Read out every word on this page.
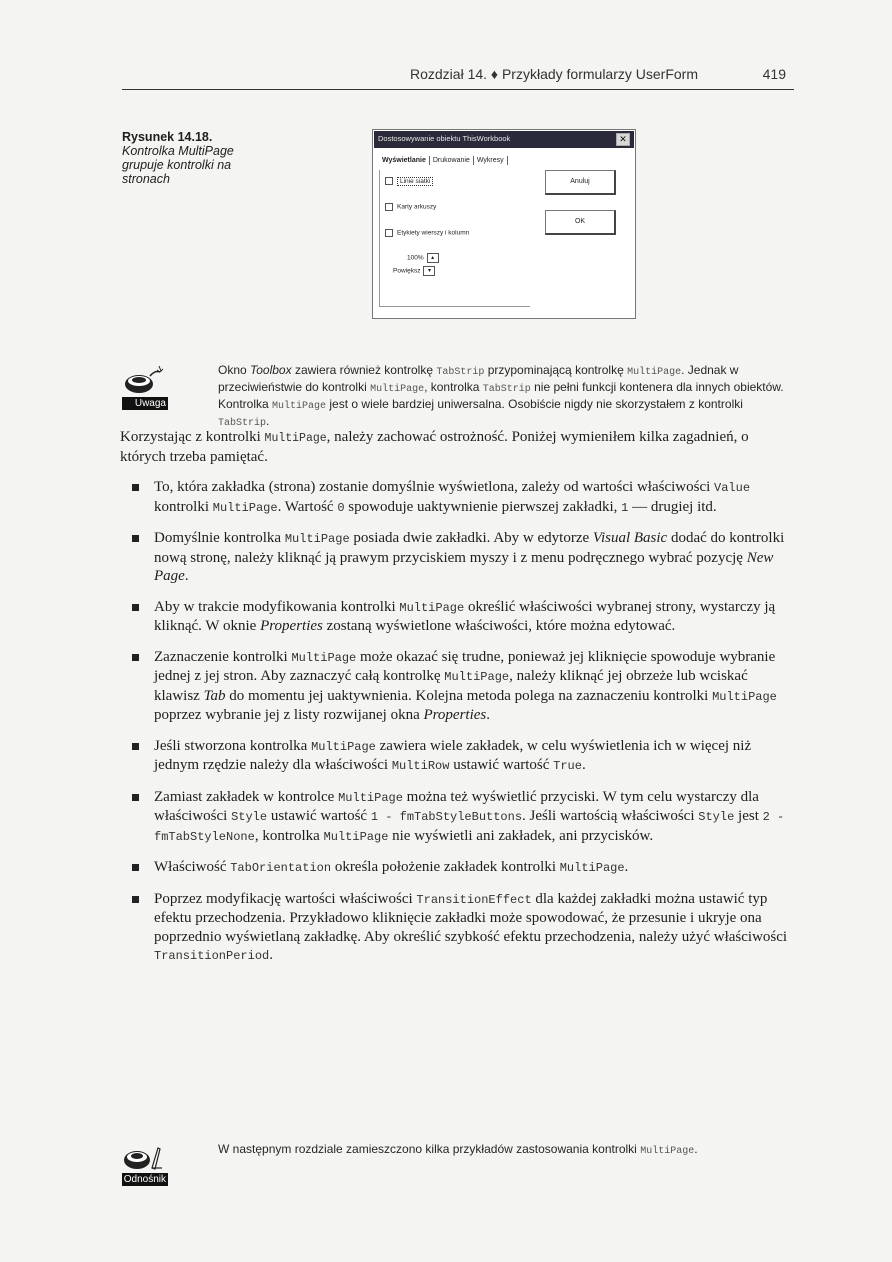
Rozdział 14. ♦ Przykłady formularzy UserForm	419
Rysunek 14.18.
Kontrolka MultiPage grupuje kontrolki na stronach
Dostosowywanie obiektu ThisWorkbook	✕
Wyświetlanie Drukowanie Wykresy
Linie siatki
Karty arkuszy
Etykiety wierszy i kolumn
100% ▴
Powiększ ▾
Anuluj
OK
Uwaga
Okno Toolbox zawiera również kontrolkę TabStrip przypominającą kontrolkę MultiPage. Jednak w przeciwieństwie do kontrolki MultiPage, kontrolka TabStrip nie pełni funkcji kontenera dla innych obiektów. Kontrolka MultiPage jest o wiele bardziej uniwersalna. Osobiście nigdy nie skorzystałem z kontrolki TabStrip.
Korzystając z kontrolki MultiPage, należy zachować ostrożność. Poniżej wymieniłem kilka zagadnień, o których trzeba pamiętać.
To, która zakładka (strona) zostanie domyślnie wyświetlona, zależy od wartości właściwości Value kontrolki MultiPage. Wartość 0 spowoduje uaktywnienie pierwszej zakładki, 1 — drugiej itd.
Domyślnie kontrolka MultiPage posiada dwie zakładki. Aby w edytorze Visual Basic dodać do kontrolki nową stronę, należy kliknąć ją prawym przyciskiem myszy i z menu podręcznego wybrać pozycję New Page.
Aby w trakcie modyfikowania kontrolki MultiPage określić właściwości wybranej strony, wystarczy ją kliknąć. W oknie Properties zostaną wyświetlone właściwości, które można edytować.
Zaznaczenie kontrolki MultiPage może okazać się trudne, ponieważ jej kliknięcie spowoduje wybranie jednej z jej stron. Aby zaznaczyć całą kontrolkę MultiPage, należy kliknąć jej obrzeże lub wciskać klawisz Tab do momentu jej uaktywnienia. Kolejna metoda polega na zaznaczeniu kontrolki MultiPage poprzez wybranie jej z listy rozwijanej okna Properties.
Jeśli stworzona kontrolka MultiPage zawiera wiele zakładek, w celu wyświetlenia ich w więcej niż jednym rzędzie należy dla właściwości MultiRow ustawić wartość True.
Zamiast zakładek w kontrolce MultiPage można też wyświetlić przyciski. W tym celu wystarczy dla właściwości Style ustawić wartość 1 - fmTabStyleButtons. Jeśli wartością właściwości Style jest 2 - fmTabStyleNone, kontrolka MultiPage nie wyświetli ani zakładek, ani przycisków.
Właściwość TabOrientation określa położenie zakładek kontrolki MultiPage.
Poprzez modyfikację wartości właściwości TransitionEffect dla każdej zakładki można ustawić typ efektu przechodzenia. Przykładowo kliknięcie zakładki może spowodować, że przesunie i ukryje ona poprzednio wyświetlaną zakładkę. Aby określić szybkość efektu przechodzenia, należy użyć właściwości TransitionPeriod.
Odnośnik
W następnym rozdziale zamieszczono kilka przykładów zastosowania kontrolki MultiPage.
